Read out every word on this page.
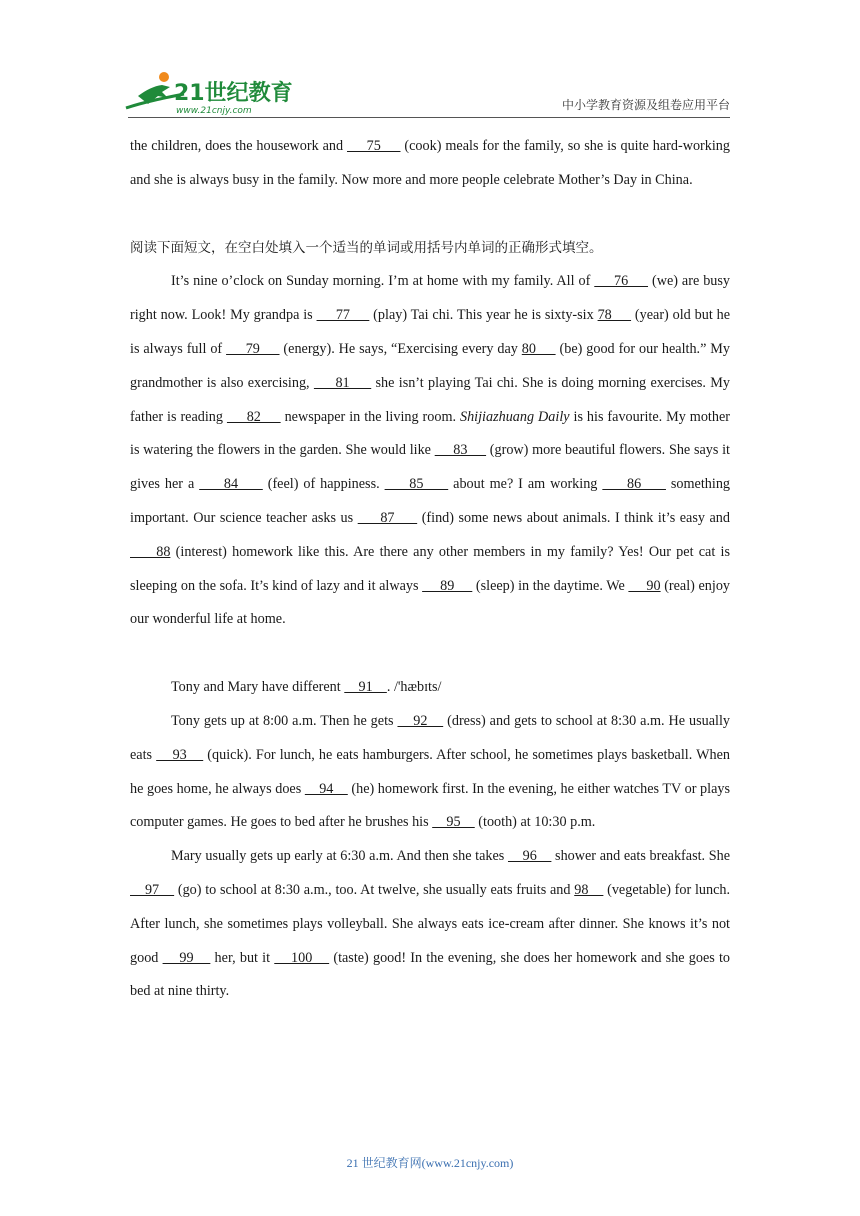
21世纪教育
www.21cnjy.com	中小学教育资源及组卷应用平台

the children, does the housework and      75      (cook) meals for the family, so she is quite hard-working and she is always busy in the family. Now more and more people celebrate Mother’s Day in China.

阅读下面短文，在空白处填入一个适当的单词或用括号内单词的正确形式填空。

It’s nine o’clock on Sunday morning. I’m at home with my family. All of      76      (we) are busy right now. Look! My grandpa is      77      (play) Tai chi. This year he is sixty-six 78      (year) old but he is always full of      79      (energy). He says, “Exercising every day 80      (be) good for our health.” My grandmother is also exercising,      81      she isn’t playing Tai chi. She is doing morning exercises. My father is reading      82      newspaper in the living room. Shijiazhuang Daily is his favourite. My mother is watering the flowers in the garden. She would like      83      (grow) more beautiful flowers. She says it gives her a      84      (feel) of happiness.      85      about me? I am working      86      something important. Our science teacher asks us      87      (find) some news about animals. I think it’s easy and      88 (interest) homework like this. Are there any other members in my family? Yes! Our pet cat is sleeping on the sofa. It’s kind of lazy and it always      89      (sleep) in the daytime. We      90 (real) enjoy our wonderful life at home.

Tony and Mary have different     91    . /'hæbɪts/

Tony gets up at 8:00 a.m. Then he gets     92     (dress) and gets to school at 8:30 a.m. He usually eats     93     (quick). For lunch, he eats hamburgers. After school, he sometimes plays basketball. When he goes home, he always does     94     (he) homework first. In the evening, he either watches TV or plays computer games. He goes to bed after he brushes his     95     (tooth) at 10:30 p.m.

Mary usually gets up early at 6:30 a.m. And then she takes     96     shower and eats breakfast. She     97     (go) to school at 8:30 a.m., too. At twelve, she usually eats fruits and 98     (vegetable) for lunch. After lunch, she sometimes plays volleyball. She always eats ice-cream after dinner. She knows it’s not good     99     her, but it     100     (taste) good! In the evening, she does her homework and she goes to bed at nine thirty.

21 世纪教育网(www.21cnjy.com)
